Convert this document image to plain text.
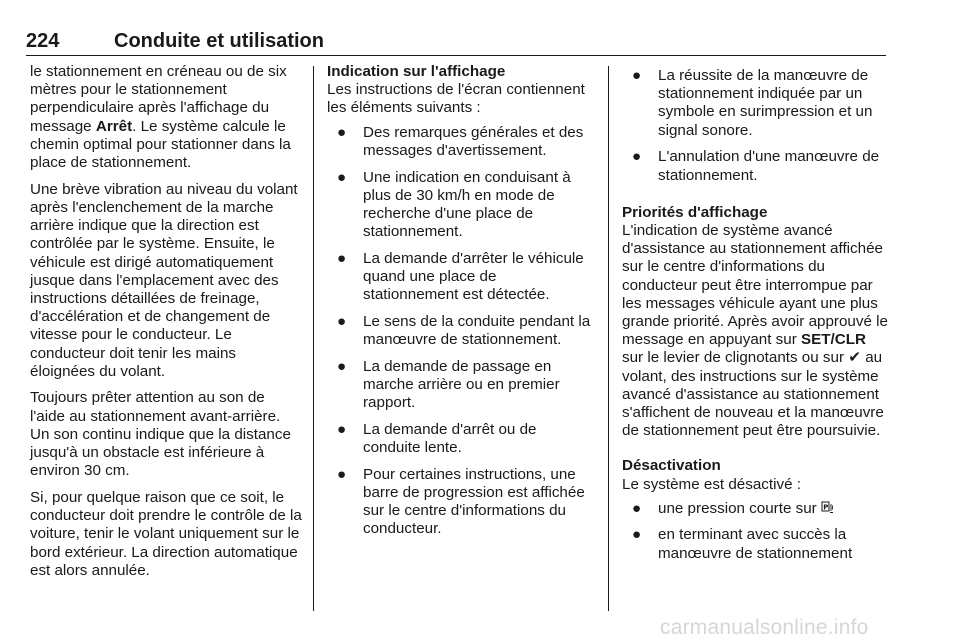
224	Conduite et utilisation

le stationnement en créneau ou de six mètres pour le stationnement perpendiculaire après l'affichage du message Arrêt. Le système calcule le chemin optimal pour stationner dans la place de stationnement.

Une brève vibration au niveau du volant après l'enclenchement de la marche arrière indique que la direction est contrôlée par le système. Ensuite, le véhicule est dirigé automatiquement jusque dans l'emplacement avec des instructions détaillées de freinage, d'accélération et de changement de vitesse pour le conducteur. Le conducteur doit tenir les mains éloignées du volant.

Toujours prêter attention au son de l'aide au stationnement avant-arrière. Un son continu indique que la distance jusqu'à un obstacle est inférieure à environ 30 cm.

Si, pour quelque raison que ce soit, le conducteur doit prendre le contrôle de la voiture, tenir le volant uniquement sur le bord extérieur. La direction automatique est alors annulée.

Indication sur l'affichage

Les instructions de l'écran contiennent les éléments suivants :

● Des remarques générales et des messages d'avertissement.
● Une indication en conduisant à plus de 30 km/h en mode de recherche d'une place de stationnement.
● La demande d'arrêter le véhicule quand une place de stationnement est détectée.
● Le sens de la conduite pendant la manœuvre de stationnement.
● La demande de passage en marche arrière ou en premier rapport.
● La demande d'arrêt ou de conduite lente.
● Pour certaines instructions, une barre de progression est affichée sur le centre d'informations du conducteur.
● La réussite de la manœuvre de stationnement indiquée par un symbole en surimpression et un signal sonore.
● L'annulation d'une manœuvre de stationnement.
Priorités d'affichage

L'indication de système avancé d'assistance au stationnement affichée sur le centre d'informations du conducteur peut être interrompue par les messages véhicule ayant une plus grande priorité. Après avoir approuvé le message en appuyant sur SET/CLR sur le levier de clignotants ou sur ✔ au volant, des instructions sur le système avancé d'assistance au stationnement s'affichent de nouveau et la manœuvre de stationnement peut être poursuivie.

Désactivation

Le système est désactivé :

● une pression courte sur P
● en terminant avec succès la manœuvre de stationnement
carmanualsonline.info
